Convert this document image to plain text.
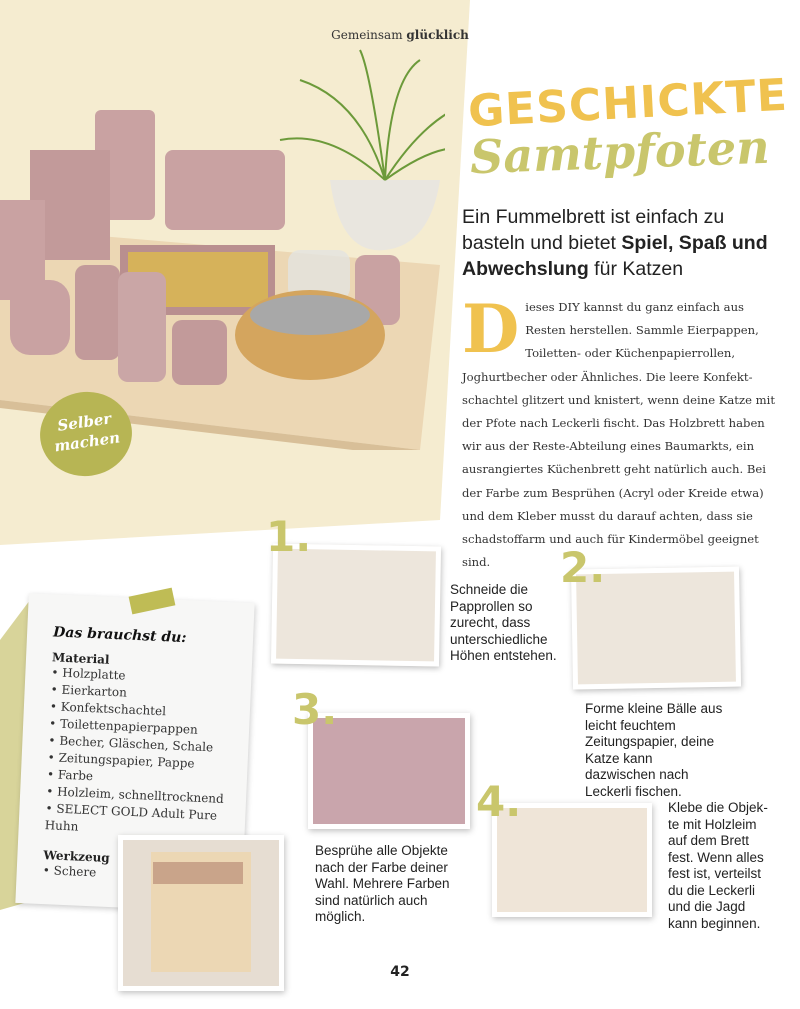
Gemeinsam glücklich
Selber
machen
GESCHICKTE
Samtpfoten
Ein Fummelbrett ist einfach zu basteln und bietet Spiel, Spaß und Abwechslung für Katzen
Dieses DIY kannst du ganz einfach aus Resten herstellen. Sammle Eierpappen, Toiletten- oder Küchenpapierrollen, Joghurtbecher oder Ähnliches. Die leere Konfektschachtel glitzert und knistert, wenn deine Katze mit der Pfote nach Leckerli fischt. Das Holzbrett haben wir aus der Reste-Abteilung eines Baumarkts, ein ausrangiertes Küchenbrett geht natürlich auch. Bei der Farbe zum Besprühen (Acryl oder Kreide etwa) und dem Kleber musst du darauf achten, dass sie schadstoffarm und auch für Kindermöbel geeignet sind.
1.
Schneide die Papprollen so zurecht, dass unterschiedliche Höhen entstehen.
2.
Forme kleine Bälle aus leicht feuchtem Zeitungspapier, deine Katze kann dazwischen nach Leckerli fischen.
3.
Besprühe alle Objekte nach der Farbe deiner Wahl. Mehrere Farben sind natürlich auch möglich.
4.	Klebe die Objekte mit Holzleim auf dem Brett fest. Wenn alles fest ist, verteilst du die Leckerli und die Jagd kann beginnen.
Das brauchst du:
Material
• Holzplatte
• Eierkarton
• Konfektschachtel
• Toilettenpapierpappen
• Becher, Gläschen, Schale
• Zeitungspapier, Pappe
• Farbe
• Holzleim, schnelltrocknend
• SELECT GOLD Adult Pure Huhn
Werkzeug
• Schere
42
